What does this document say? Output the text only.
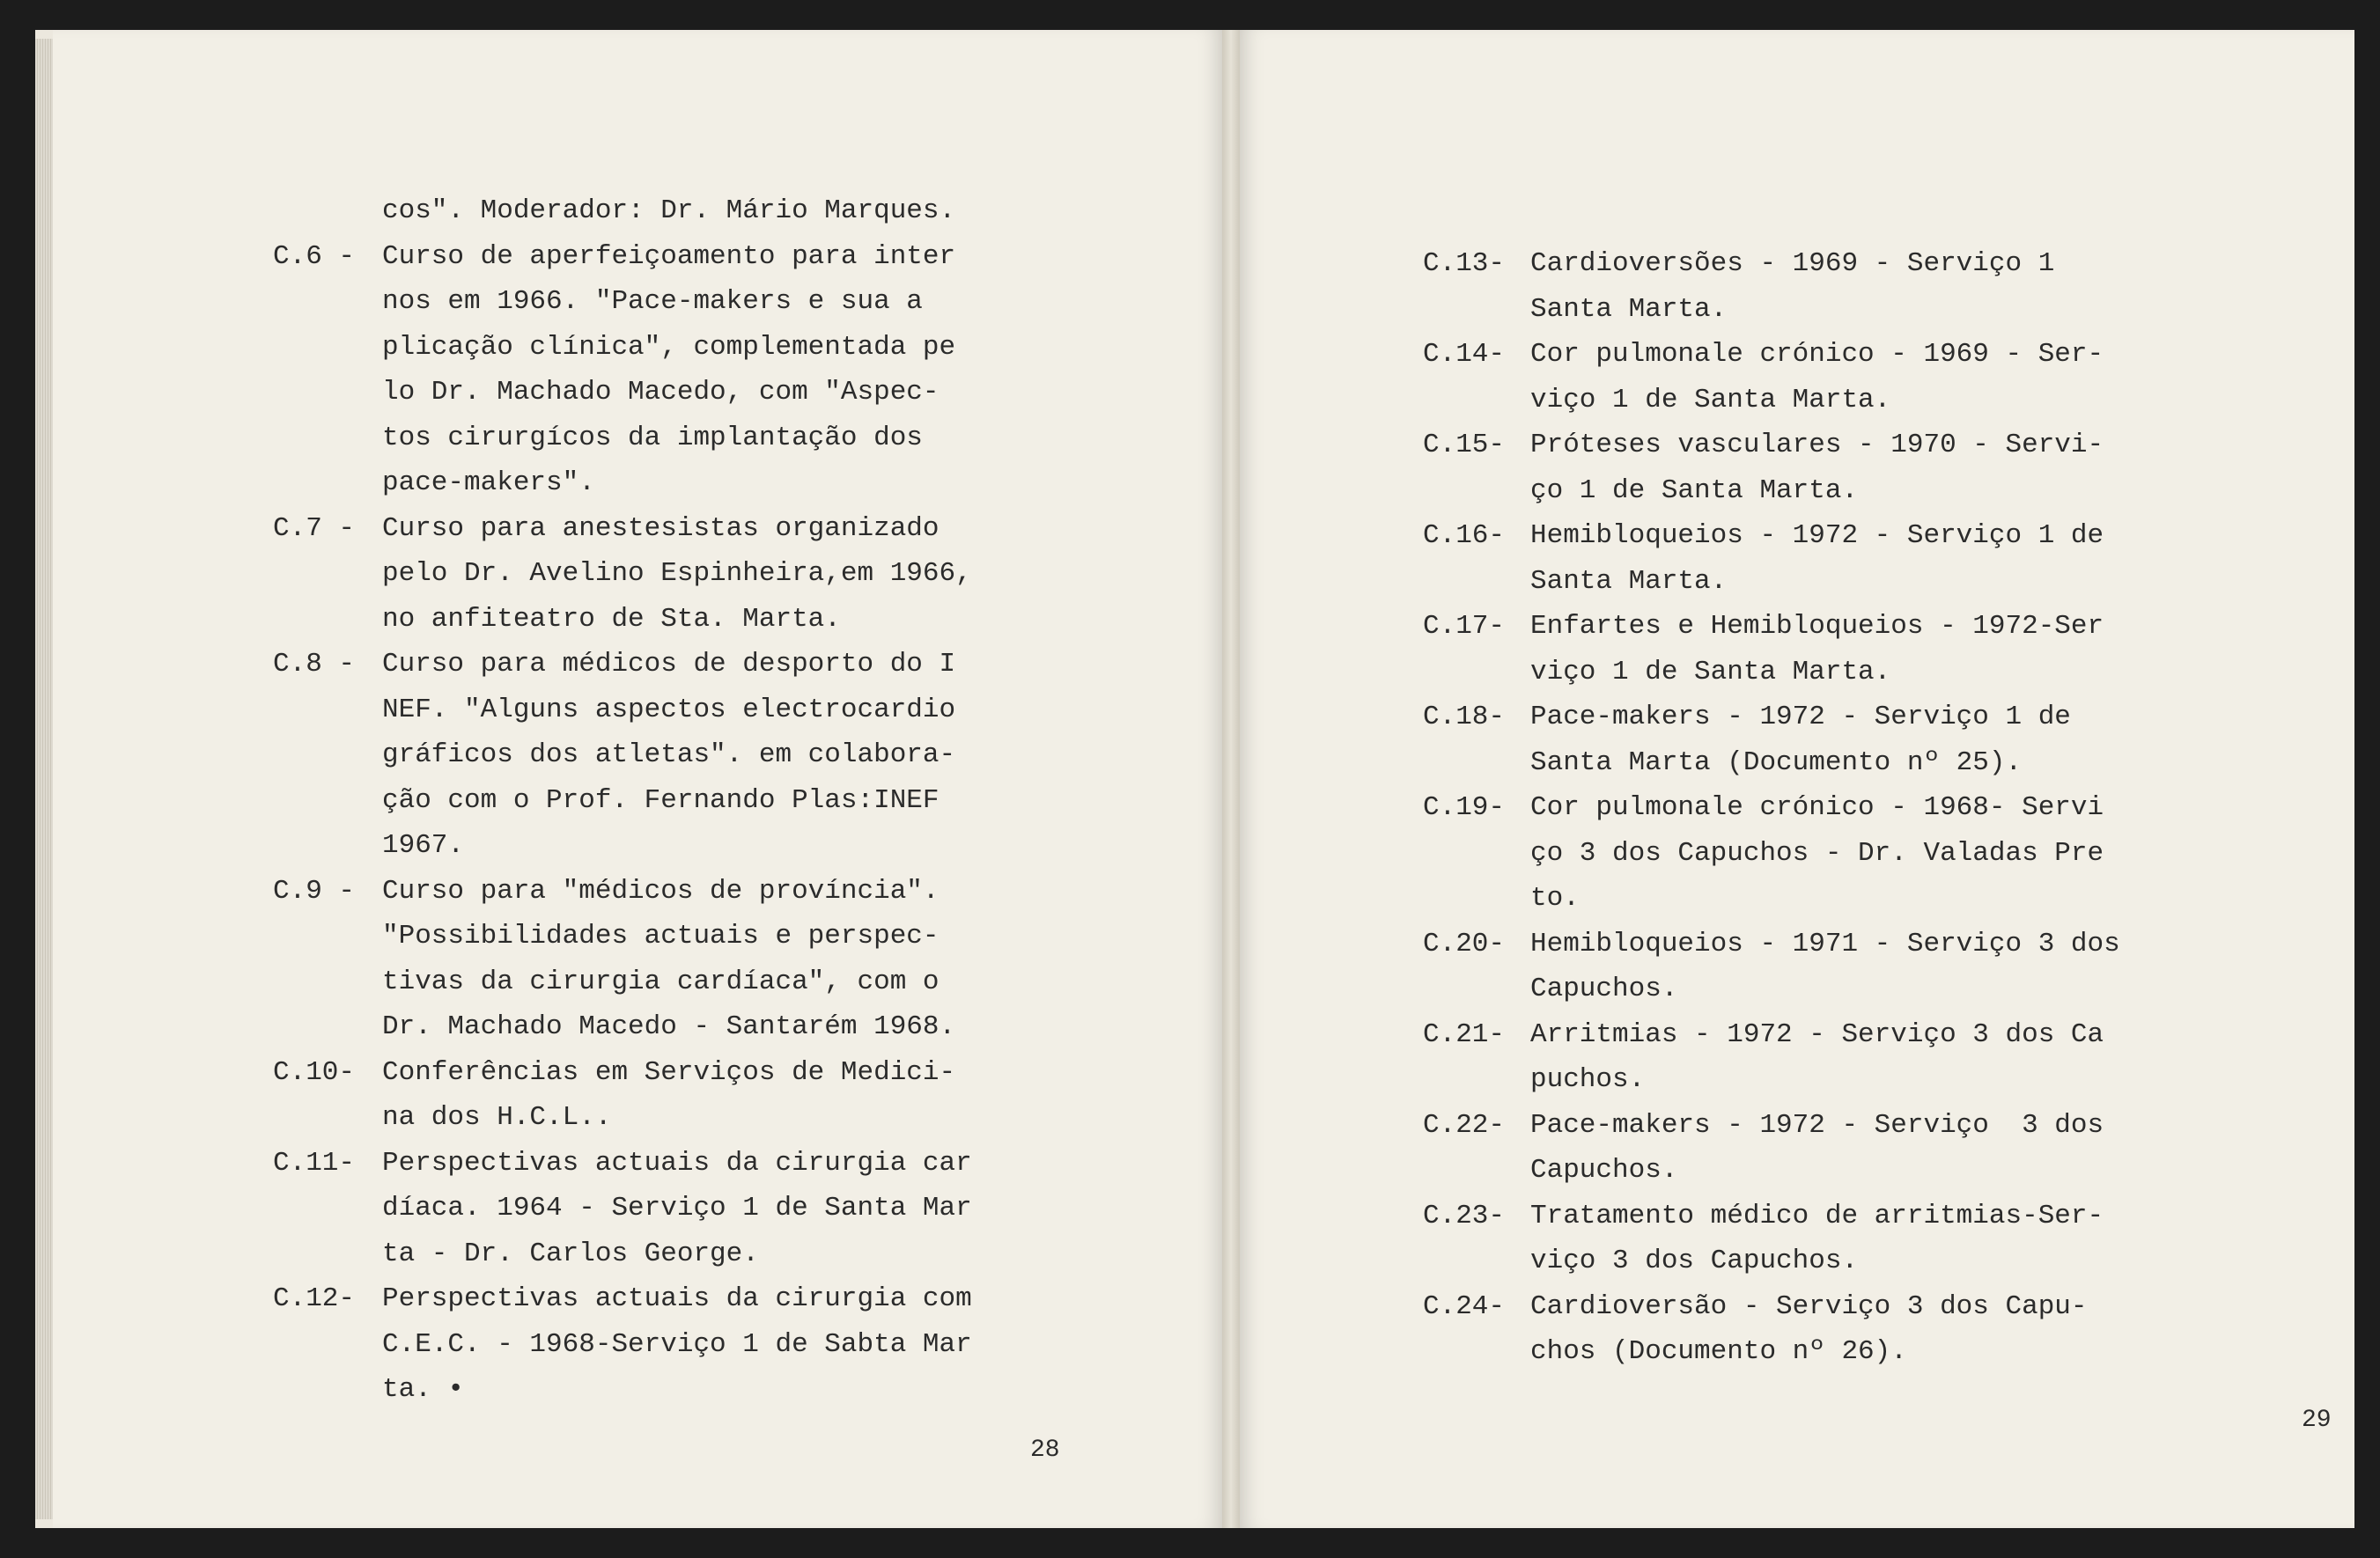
cos". Moderador: Dr. Mário Marques.
C.6 - Curso de aperfeiçoamento para inter
nos em 1966. "Pace-makers e sua a
plicação clínica", complementada pe
lo Dr. Machado Macedo, com "Aspec-
tos cirurgícos da implantação dos
pace-makers".
C.7 - Curso para anestesistas organizado
pelo Dr. Avelino Espinheira,em 1966,
no anfiteatro de Sta. Marta.
C.8 - Curso para médicos de desporto do I
NEF. "Alguns aspectos electrocardio
gráficos dos atletas". em colabora-
ção com o Prof. Fernando Plas:INEF
1967.
C.9 - Curso para "médicos de província".
"Possibilidades actuais e perspec-
tivas da cirurgia cardíaca", com o
Dr. Machado Macedo - Santarém 1968.
C.10- Conferências em Serviços de Medici-
na dos H.C.L..
C.11- Perspectivas actuais da cirurgia car
díaca. 1964 - Serviço 1 de Santa Mar
ta - Dr. Carlos George.
C.12- Perspectivas actuais da cirurgia com
C.E.C. - 1968-Serviço 1 de Sabta Mar
ta. •
28
29
C.13- Cardioversões - 1969 - Serviço 1
Santa Marta.
C.14- Cor pulmonale crónico - 1969 - Ser-
viço 1 de Santa Marta.
C.15- Próteses vasculares - 1970 - Servi-
ço 1 de Santa Marta.
C.16- Hemibloqueios - 1972 - Serviço 1 de
Santa Marta.
C.17- Enfartes e Hemibloqueios - 1972-Ser
viço 1 de Santa Marta.
C.18- Pace-makers - 1972 - Serviço 1 de
Santa Marta (Documento nº 25).
C.19- Cor pulmonale crónico - 1968- Servi
ço 3 dos Capuchos - Dr. Valadas Pre
to.
C.20- Hemibloqueios - 1971 - Serviço 3 dos
Capuchos.
C.21- Arritmias - 1972 - Serviço 3 dos Ca
puchos.
C.22- Pace-makers - 1972 - Serviço  3 dos
Capuchos.
C.23- Tratamento médico de arritmias-Ser-
viço 3 dos Capuchos.
C.24- Cardioversão - Serviço 3 dos Capu-
chos (Documento nº 26).
